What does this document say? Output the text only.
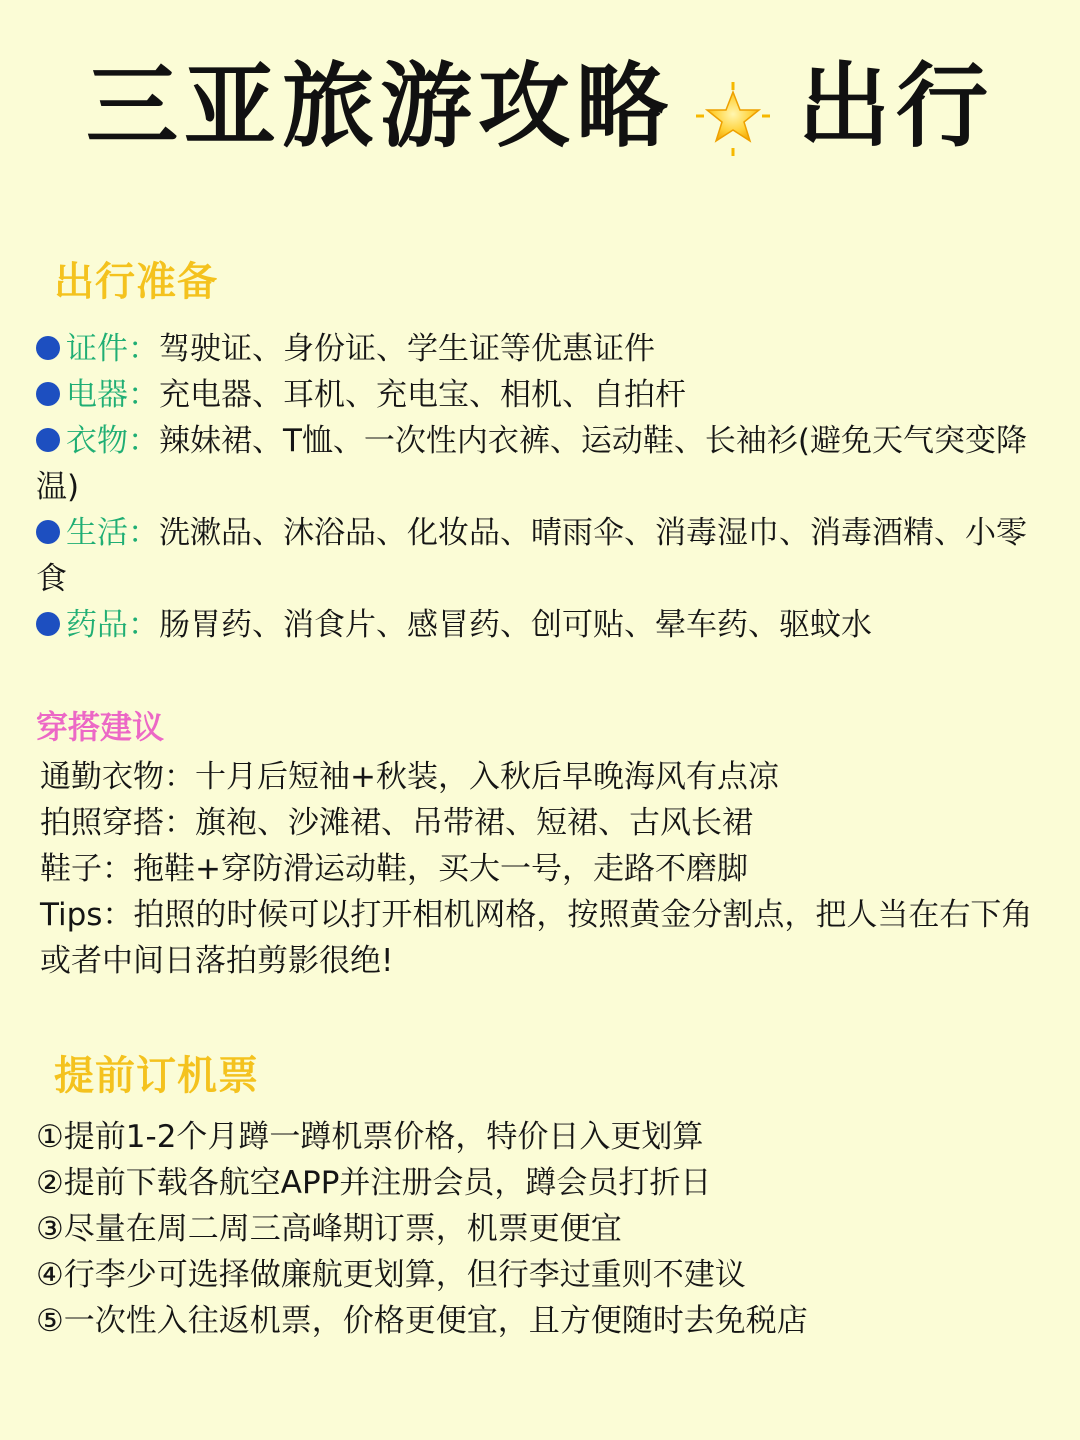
三亚旅游攻略 出行
出行准备
证件：驾驶证、身份证、学生证等优惠证件
电器：充电器、耳机、充电宝、相机、自拍杆
衣物：辣妹裙、T恤、一次性内衣裤、运动鞋、长袖衫(避免天气突变降温)
生活：洗漱品、沐浴品、化妆品、晴雨伞、消毒湿巾、消毒酒精、小零食
药品：肠胃药、消食片、感冒药、创可贴、晕车药、驱蚊水
穿搭建议
通勤衣物：十月后短袖+秋装，入秋后早晚海风有点凉
拍照穿搭：旗袍、沙滩裙、吊带裙、短裙、古风长裙
鞋子：拖鞋+穿防滑运动鞋，买大一号，走路不磨脚
Tips：拍照的时候可以打开相机网格，按照黄金分割点，把人当在右下角或者中间日落拍剪影很绝!
提前订机票
①提前1-2个月蹲一蹲机票价格，特价日入更划算
②提前下载各航空APP并注册会员，蹲会员打折日
③尽量在周二周三高峰期订票，机票更便宜
④行李少可选择做廉航更划算，但行李过重则不建议
⑤一次性入往返机票，价格更便宜，且方便随时去免税店
